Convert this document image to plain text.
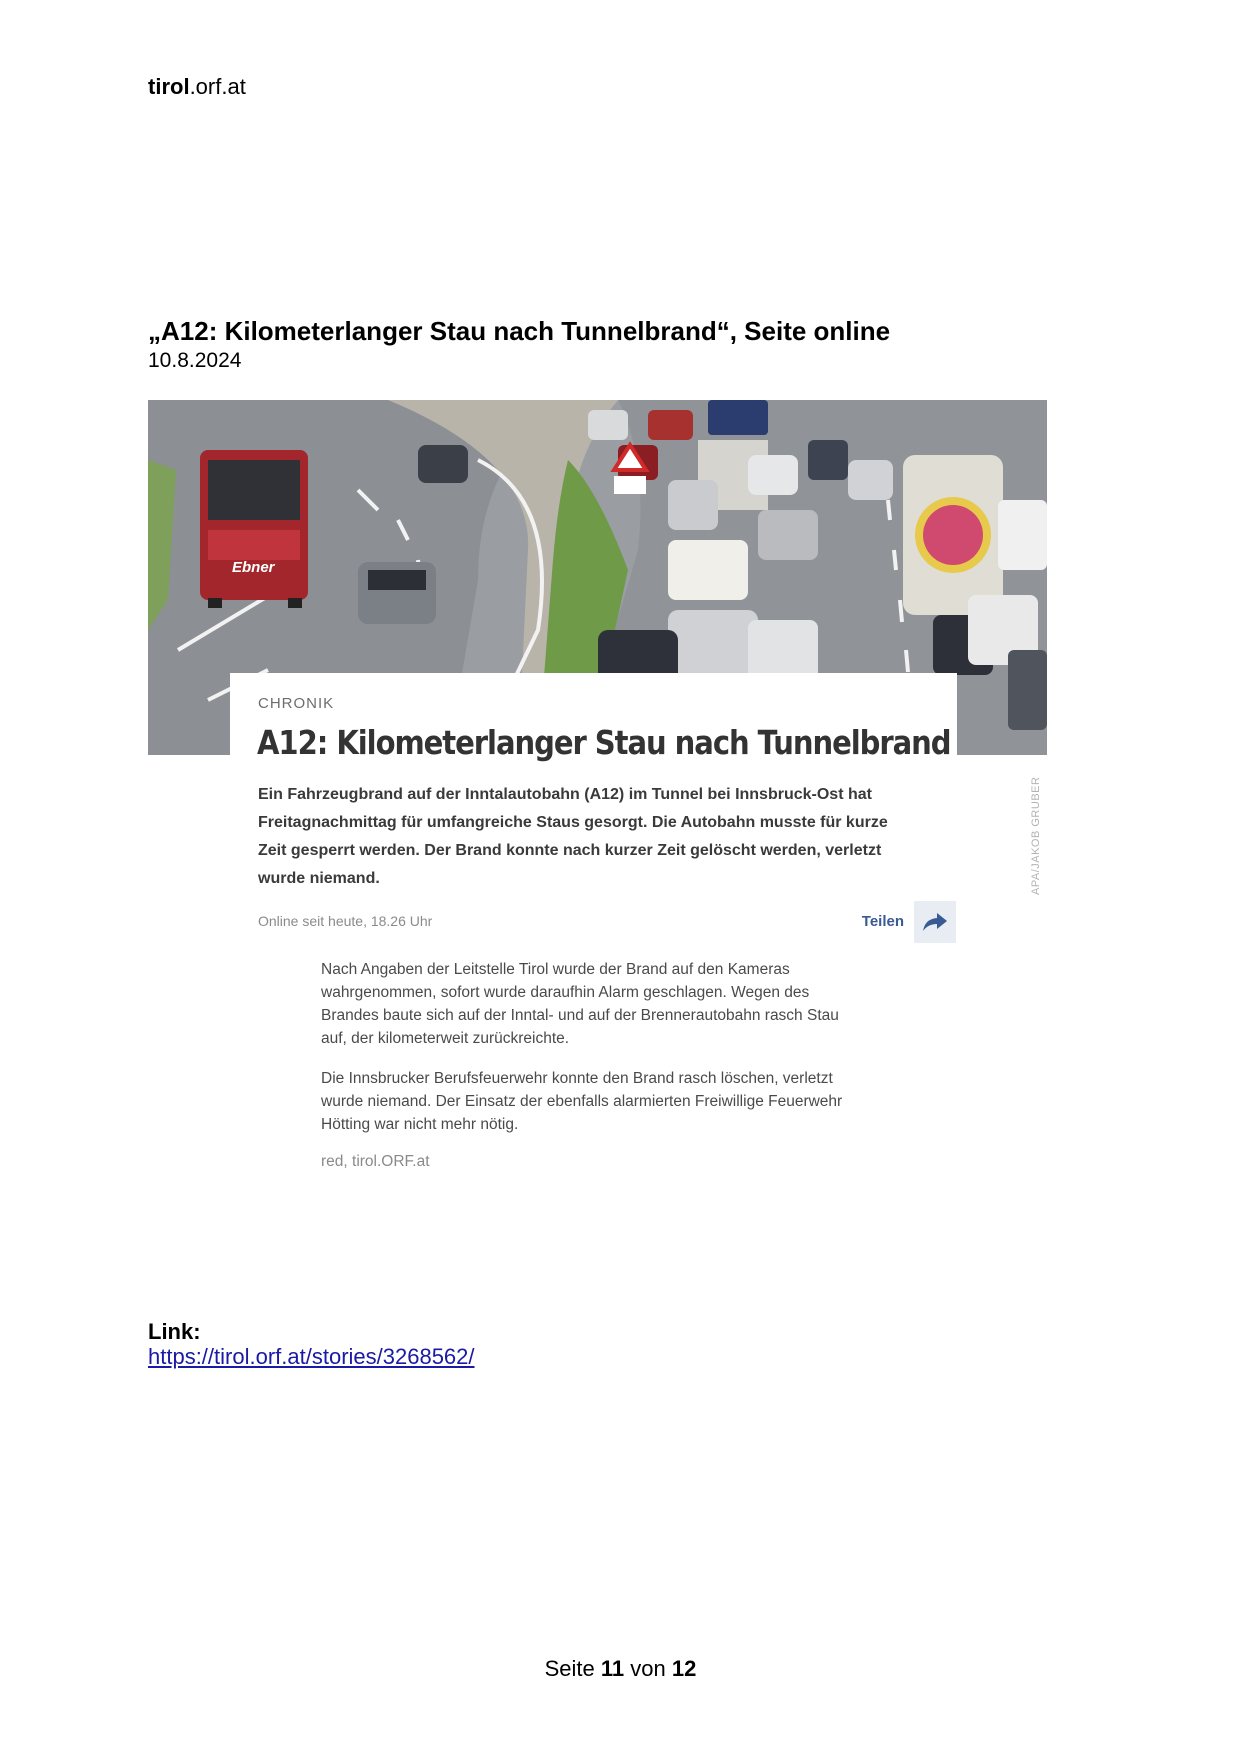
tirol.orf.at
„A12: Kilometerlanger Stau nach Tunnelbrand“, Seite online
10.8.2024
Ebner
APA/JAKOB GRUBER
CHRONIK
A12: Kilometerlanger Stau nach Tunnelbrand
Ein Fahrzeugbrand auf der Inntalautobahn (A12) im Tunnel bei Innsbruck-Ost hat Freitagnachmittag für umfangreiche Staus gesorgt. Die Autobahn musste für kurze Zeit gesperrt werden. Der Brand konnte nach kurzer Zeit gelöscht werden, verletzt wurde niemand.
Online seit heute, 18.26 Uhr	Teilen
Nach Angaben der Leitstelle Tirol wurde der Brand auf den Kameras wahrgenommen, sofort wurde daraufhin Alarm geschlagen. Wegen des Brandes baute sich auf der Inntal- und auf der Brennerautobahn rasch Stau auf, der kilometerweit zurückreichte.
Die Innsbrucker Berufsfeuerwehr konnte den Brand rasch löschen, verletzt wurde niemand. Der Einsatz der ebenfalls alarmierten Freiwillige Feuerwehr Hötting war nicht mehr nötig.
red, tirol.ORF.at
Link:
https://tirol.orf.at/stories/3268562/
Seite 11 von 12
